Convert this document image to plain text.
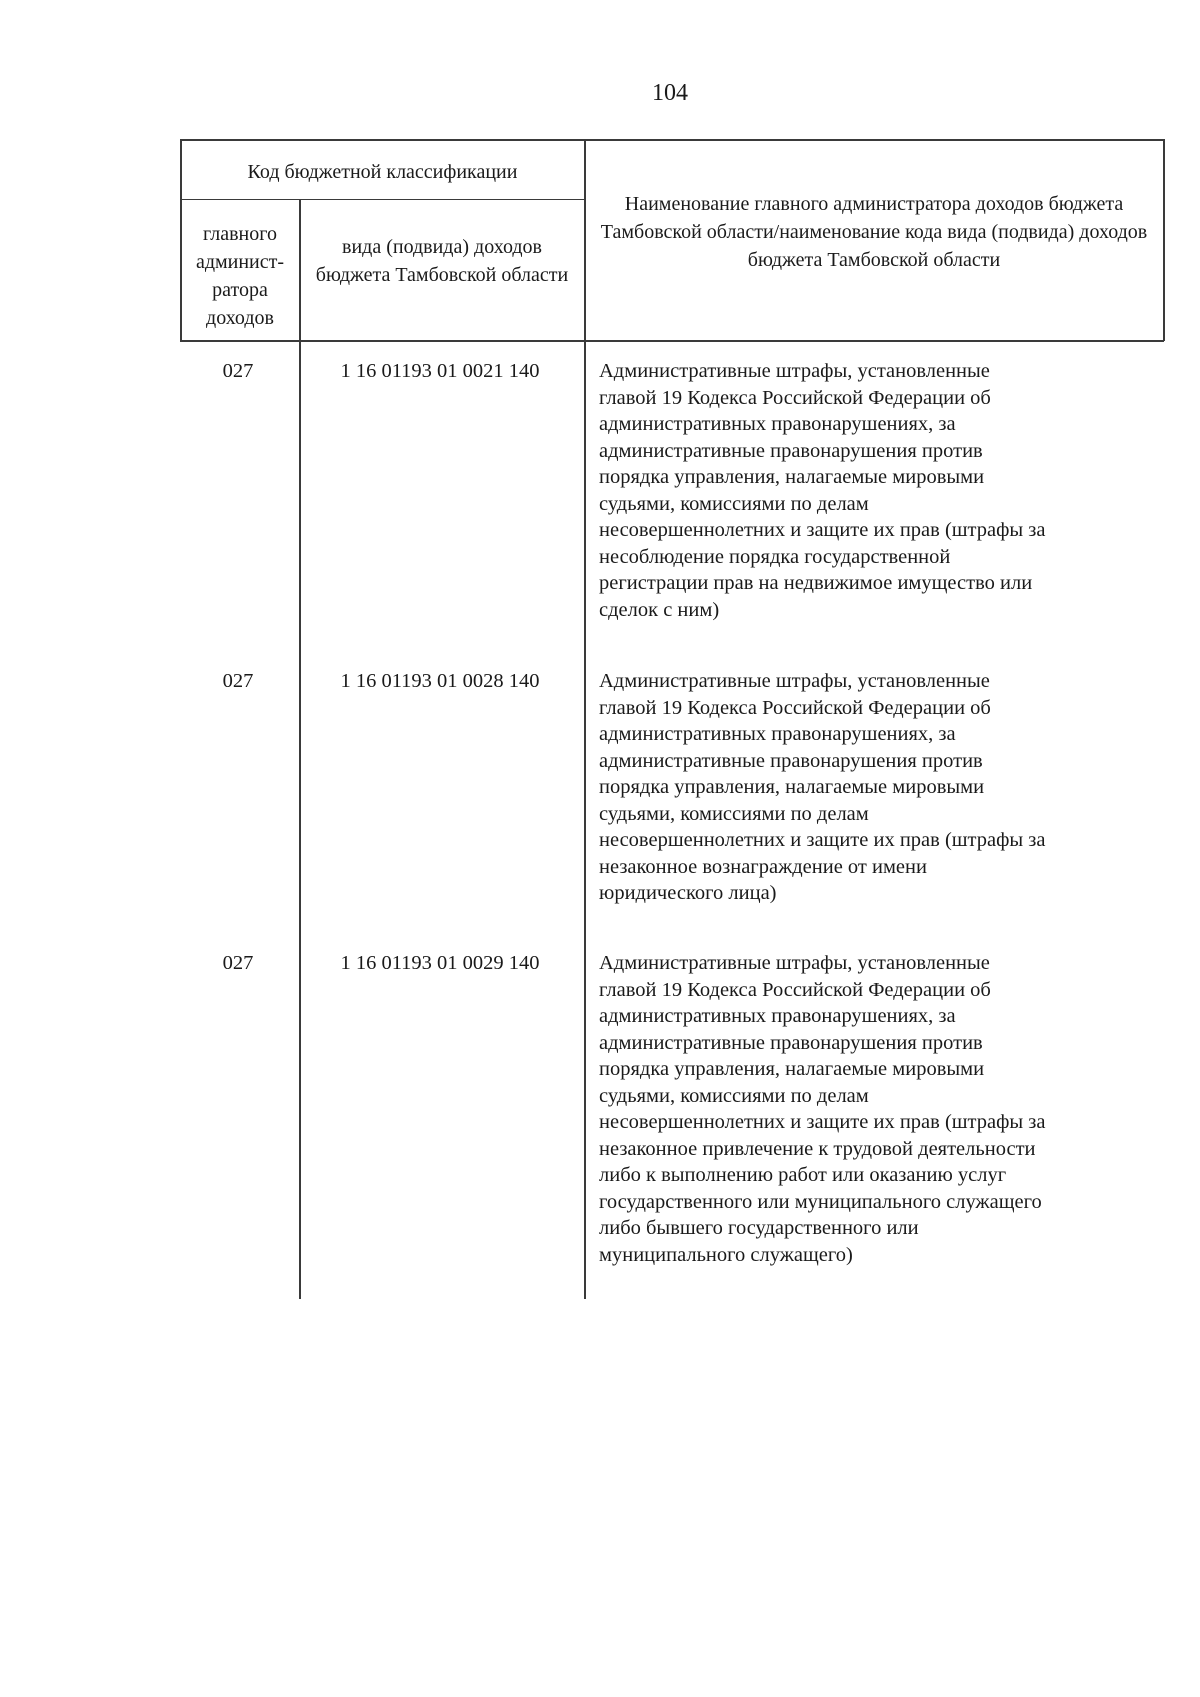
104
Код бюджетной классификации
главного админист-ратора доходов
вида (подвида) доходов бюджета Тамбовской области
Наименование главного администратора доходов бюджета Тамбовской области/наименование кода вида (подвида) доходов бюджета Тамбовской области
027	1 16 01193 01 0021 140	Административные штрафы, установленные
главой 19 Кодекса Российской Федерации об
административных правонарушениях, за
административные правонарушения против
порядка управления, налагаемые мировыми
судьями, комиссиями по делам
несовершеннолетних и защите их прав (штрафы за
несоблюдение порядка государственной
регистрации прав на недвижимое имущество или
сделок с ним)
027	1 16 01193 01 0028 140	Административные штрафы, установленные
главой 19 Кодекса Российской Федерации об
административных правонарушениях, за
административные правонарушения против
порядка управления, налагаемые мировыми
судьями, комиссиями по делам
несовершеннолетних и защите их прав (штрафы за
незаконное вознаграждение от имени
юридического лица)
027	1 16 01193 01 0029 140	Административные штрафы, установленные
главой 19 Кодекса Российской Федерации об
административных правонарушениях, за
административные правонарушения против
порядка управления, налагаемые мировыми
судьями, комиссиями по делам
несовершеннолетних и защите их прав (штрафы за
незаконное привлечение к трудовой деятельности
либо к выполнению работ или оказанию услуг
государственного или муниципального служащего
либо бывшего государственного или
муниципального служащего)
